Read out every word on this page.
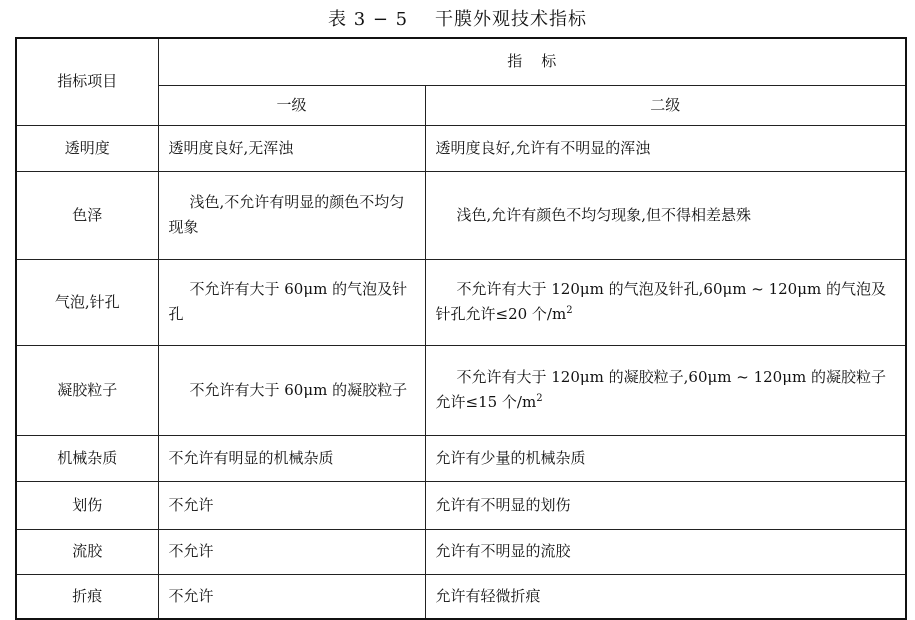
表 3 − 5    干膜外观技术指标
指标项目	指    标	
	一级	二级
透明度	透明度良好,无浑浊	透明度良好,允许有不明显的浑浊
色泽	浅色,不允许有明显的颜色不均匀现象	浅色,允许有颜色不均匀现象,但不得相差悬殊
气泡,针孔	不允许有大于 60μm 的气泡及针孔	不允许有大于 120μm 的气泡及针孔,60μm ~ 120μm 的气泡及针孔允许≤20 个$/m^2$
凝胶粒子	不允许有大于 60μm 的凝胶粒子	不允许有大于 120μm 的凝胶粒子,60μm ~ 120μm 的凝胶粒子允许≤15 个$/m^2$
机械杂质	不允许有明显的机械杂质	允许有少量的机械杂质
划伤	不允许	允许有不明显的划伤
流胶	不允许	允许有不明显的流胶
折痕	不允许	允许有轻微折痕
